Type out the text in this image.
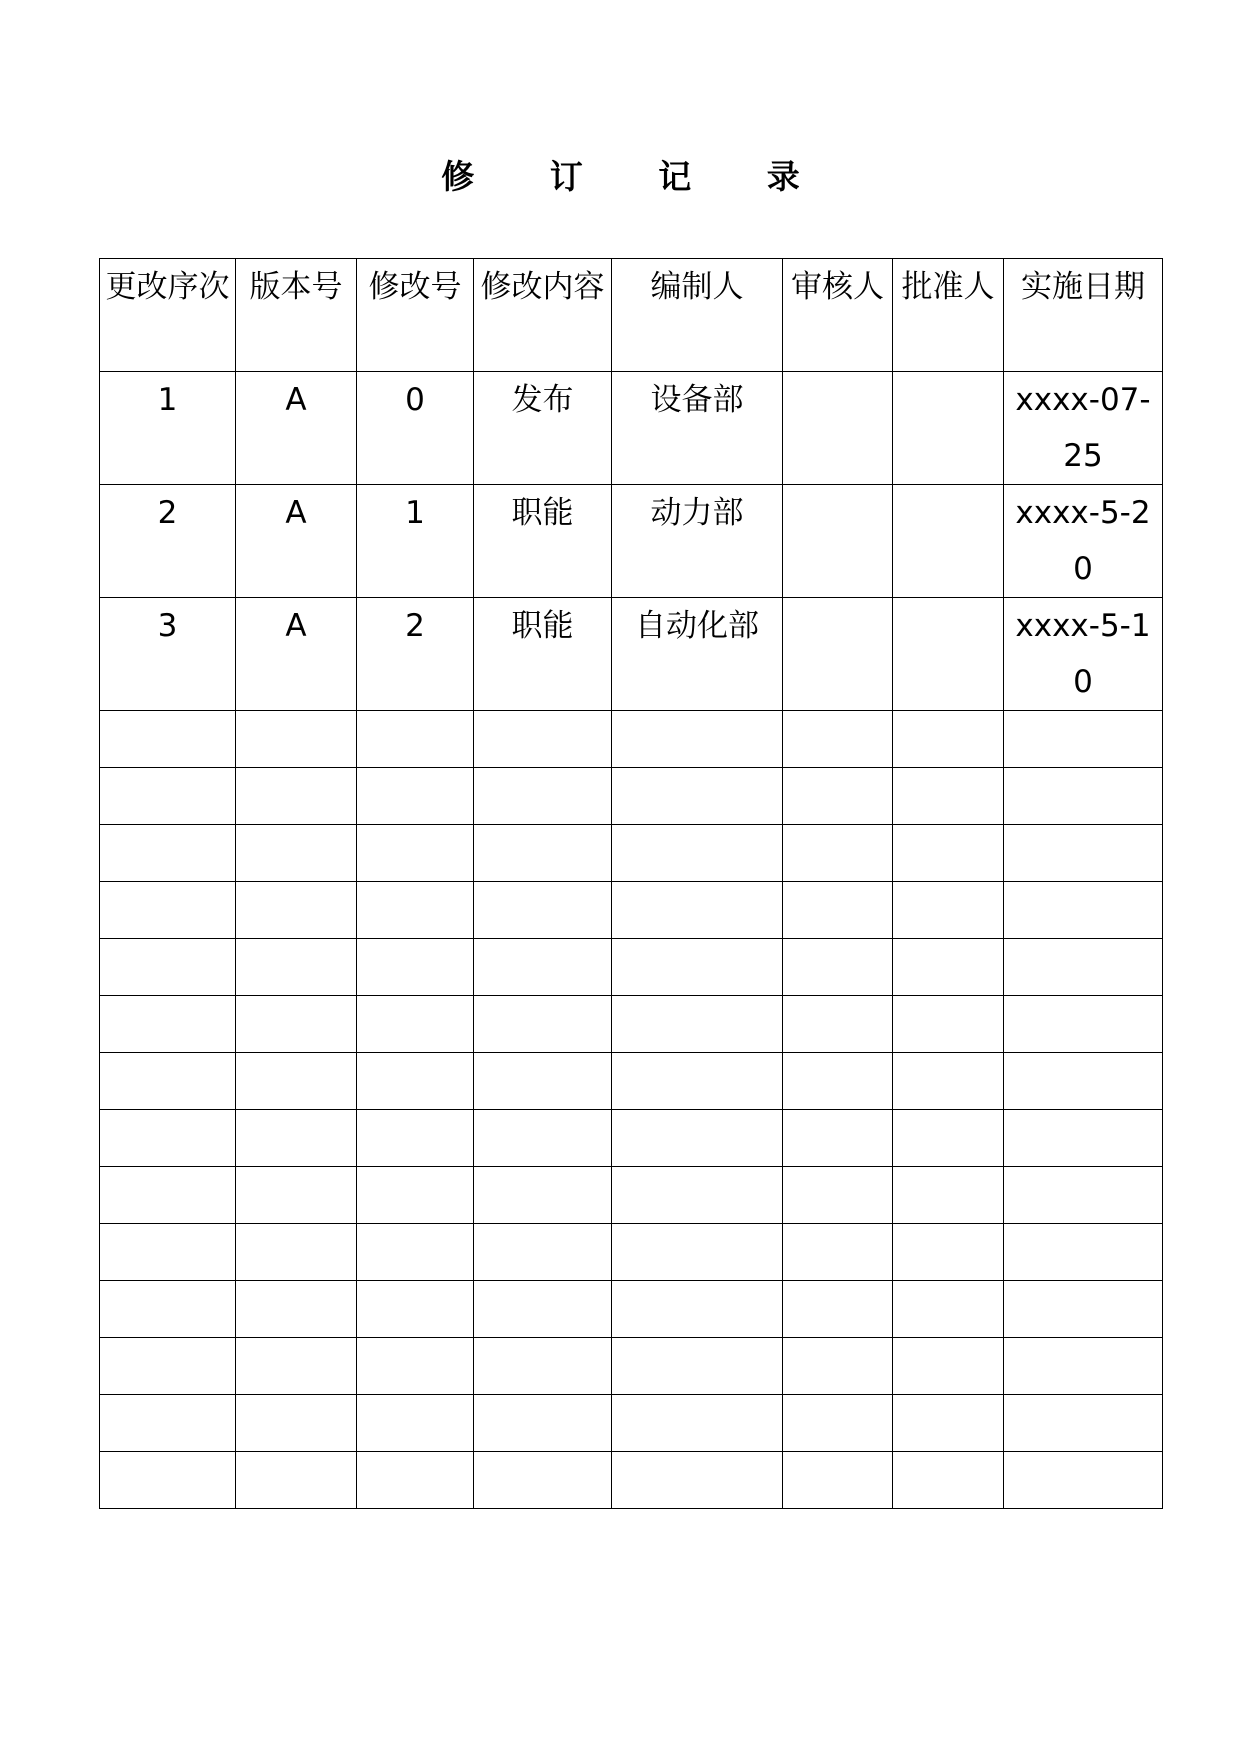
修 订 记 录
更改序次	版本号	修改号	修改内容	编制人	审核人	批准人	实施日期
1	A	0	发布	设备部			xxxx-07-25
2	A	1	职能	动力部			xxxx-5-20
3	A	2	职能	自动化部			xxxx-5-10
